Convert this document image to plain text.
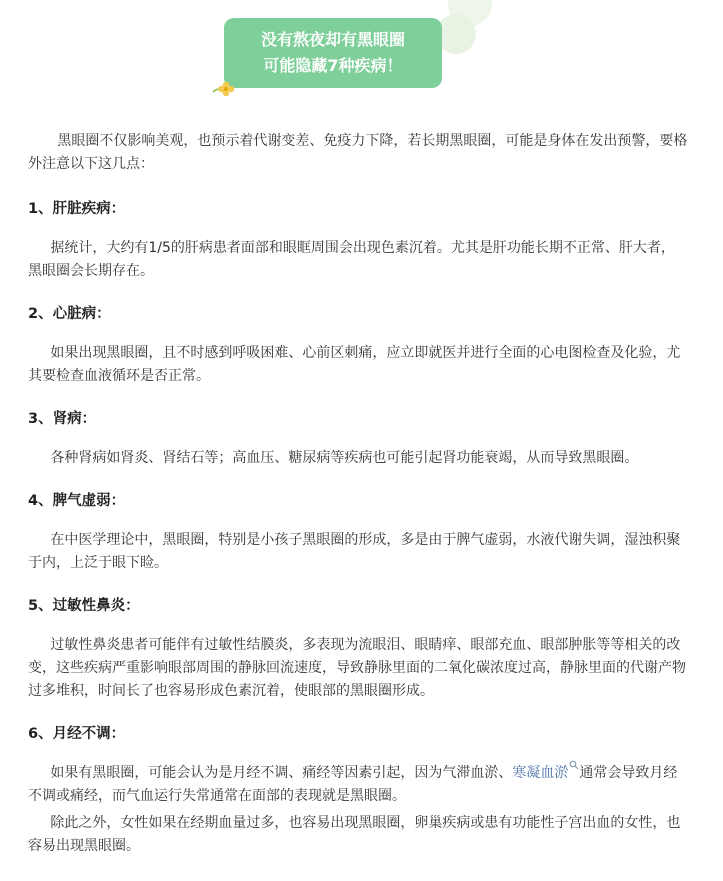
没有熬夜却有黑眼圈
可能隐藏7种疾病！

黑眼圈不仅影响美观，也预示着代谢变差、免疫力下降，若长期黑眼圈，可能是身体在发出预警，要格外注意以下这几点：

1、肝脏疾病：

据统计，大约有1/5的肝病患者面部和眼眶周围会出现色素沉着。尤其是肝功能长期不正常、肝大者，黑眼圈会长期存在。

2、心脏病：

如果出现黑眼圈，且不时感到呼吸困难、心前区刺痛，应立即就医并进行全面的心电图检查及化验，尤其要检查血液循环是否正常。

3、肾病：

各种肾病如肾炎、肾结石等；高血压、糖尿病等疾病也可能引起肾功能衰竭，从而导致黑眼圈。

4、脾气虚弱：

在中医学理论中，黑眼圈，特别是小孩子黑眼圈的形成，多是由于脾气虚弱，水液代谢失调，湿浊积聚于内，上泛于眼下睑。

5、过敏性鼻炎：

过敏性鼻炎患者可能伴有过敏性结膜炎，多表现为流眼泪、眼睛痒、眼部充血、眼部肿胀等等相关的改变，这些疾病严重影响眼部周围的静脉回流速度，导致静脉里面的二氧化碳浓度过高，静脉里面的代谢产物过多堆积，时间长了也容易形成色素沉着，使眼部的黑眼圈形成。

6、月经不调：

如果有黑眼圈，可能会认为是月经不调、痛经等因素引起，因为气滞血淤、寒凝血淤 通常会导致月经不调或痛经，而气血运行失常通常在面部的表现就是黑眼圈。

除此之外，女性如果在经期血量过多，也容易出现黑眼圈，卵巢疾病或患有功能性子宫出血的女性，也容易出现黑眼圈。
